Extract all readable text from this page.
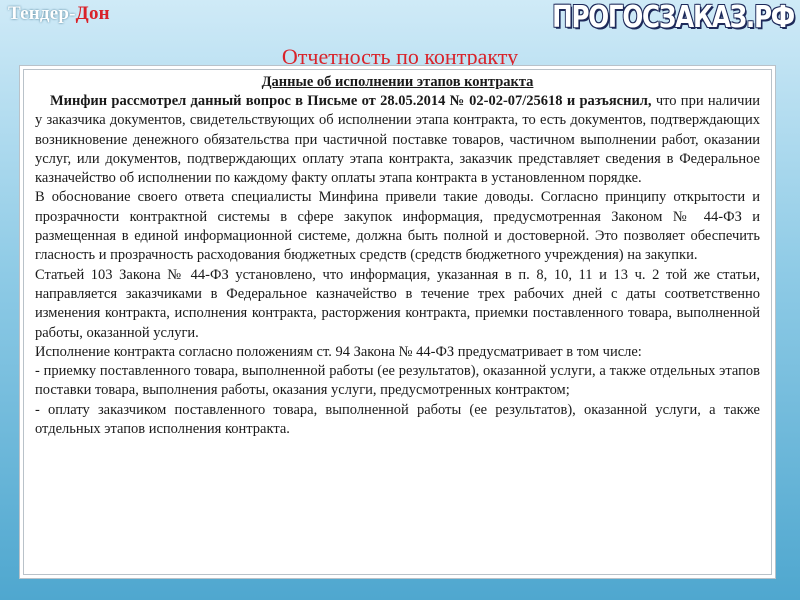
Тендер-Дон	ПРОГОСЗАКАЗ.РФ
Отчетность по контракту
Данные об исполнении этапов контракта

Минфин рассмотрел данный вопрос в Письме от 28.05.2014 № 02-02-07/25618 и разъяснил, что при наличии у заказчика документов, свидетельствующих об исполнении этапа контракта, то есть документов, подтверждающих возникновение денежного обязательства при частичной поставке товаров, частичном выполнении работ, оказании услуг, или документов, подтверждающих оплату этапа контракта, заказчик представляет сведения в Федеральное казначейство об исполнении по каждому факту оплаты этапа контракта в установленном порядке.

В обоснование своего ответа специалисты Минфина привели такие доводы. Согласно принципу открытости и прозрачности контрактной системы в сфере закупок информация, предусмотренная Законом № 44-ФЗ и размещенная в единой информационной системе, должна быть полной и достоверной. Это позволяет обеспечить гласность и прозрачность расходования бюджетных средств (средств бюджетного учреждения) на закупки.

Статьей 103 Закона № 44-ФЗ установлено, что информация, указанная в п. 8, 10, 11 и 13 ч. 2 той же статьи, направляется заказчиками в Федеральное казначейство в течение трех рабочих дней с даты соответственно изменения контракта, исполнения контракта, расторжения контракта, приемки поставленного товара, выполненной работы, оказанной услуги.

Исполнение контракта согласно положениям ст. 94 Закона № 44-ФЗ предусматривает в том числе:

- приемку поставленного товара, выполненной работы (ее результатов), оказанной услуги, а также отдельных этапов поставки товара, выполнения работы, оказания услуги, предусмотренных контрактом;

- оплату заказчиком поставленного товара, выполненной работы (ее результатов), оказанной услуги, а также отдельных этапов исполнения контракта.
